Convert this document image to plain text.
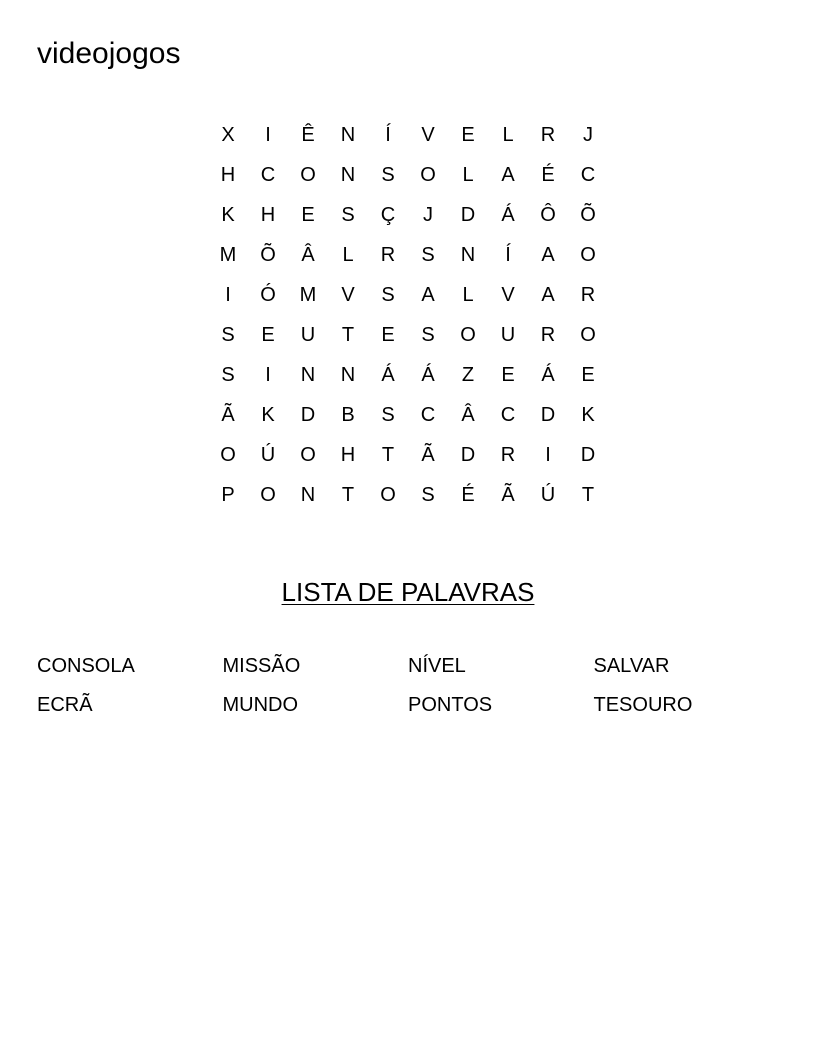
videojogos
X	I	Ê	N	Í	V	E	L	R	J
H	C	O	N	S	O	L	A	É	C
K	H	E	S	Ç	J	D	Á	Ô	Õ
M	Õ	Â	L	R	S	N	Í	A	O
I	Ó	M	V	S	A	L	V	A	R
S	E	U	T	E	S	O	U	R	O
S	I	N	N	Á	Á	Z	E	Á	E
Ã	K	D	B	S	C	Â	C	D	K
O	Ú	O	H	T	Ã	D	R	I	D
P	O	N	T	O	S	É	Ã	Ú	T
LISTA DE PALAVRAS
CONSOLA	MISSÃO	NÍVEL	SALVAR
ECRÃ	MUNDO	PONTOS	TESOURO
